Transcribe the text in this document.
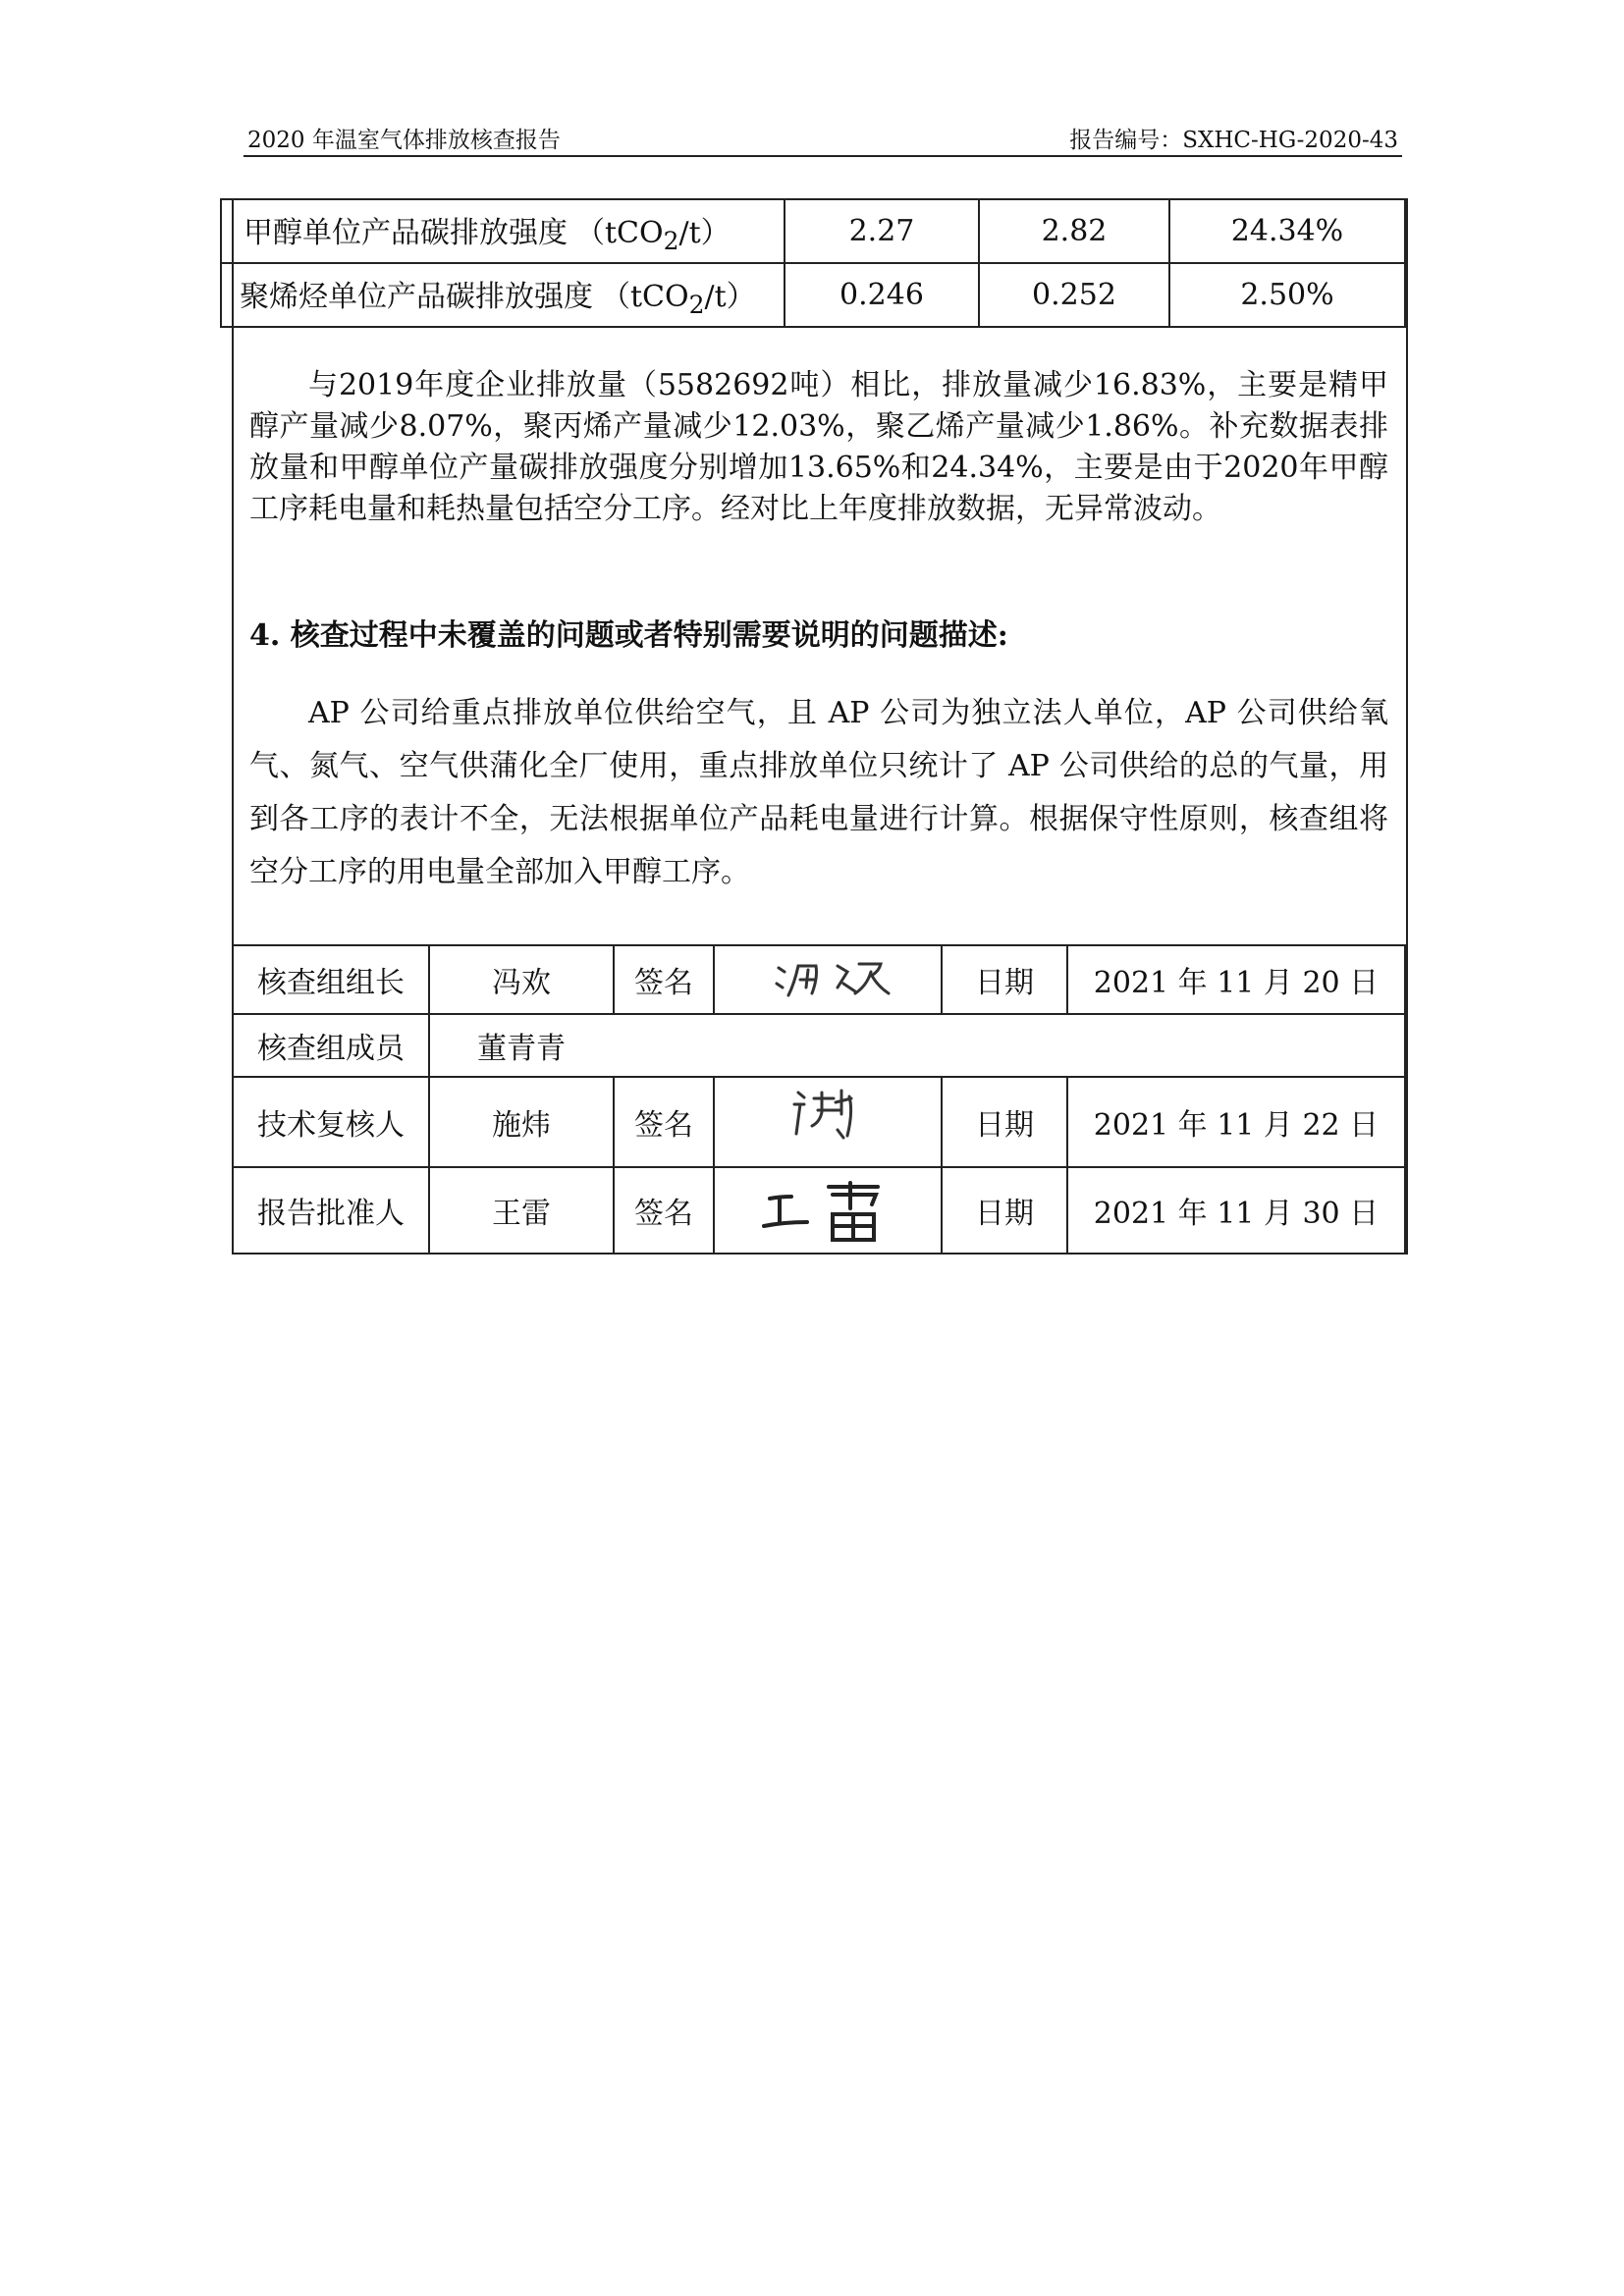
2020 年温室气体排放核查报告	报告编号：SXHC-HG-2020-43
甲醇单位产品碳排放强度 （tCO$_2$/t）	2.27	2.82	24.34%
聚烯烃单位产品碳排放强度 （tCO$_2$/t）	0.246	0.252	2.50%

与2019年度企业排放量（5582692吨）相比，排放量减少16.83%，主要是精甲醇产量减少8.07%，聚丙烯产量减少12.03%，聚乙烯产量减少1.86%。补充数据表排放量和甲醇单位产量碳排放强度分别增加13.65%和24.34%，主要是由于2020年甲醇工序耗电量和耗热量包括空分工序。经对比上年度排放数据，无异常波动。

4. 核查过程中未覆盖的问题或者特别需要说明的问题描述:

AP 公司给重点排放单位供给空气，且 AP 公司为独立法人单位，AP 公司供给氧气、氮气、空气供蒲化全厂使用，重点排放单位只统计了 AP 公司供给的总的气量，用到各工序的表计不全，无法根据单位产品耗电量进行计算。根据保守性原则，核查组将空分工序的用电量全部加入甲醇工序。

核查组组长	冯欢	签名		日期	2021 年 11 月 20 日
核查组成员	董青青				
技术复核人	施炜	签名		日期	2021 年 11 月 22 日
报告批准人	王雷	签名		日期	2021 年 11 月 30 日
